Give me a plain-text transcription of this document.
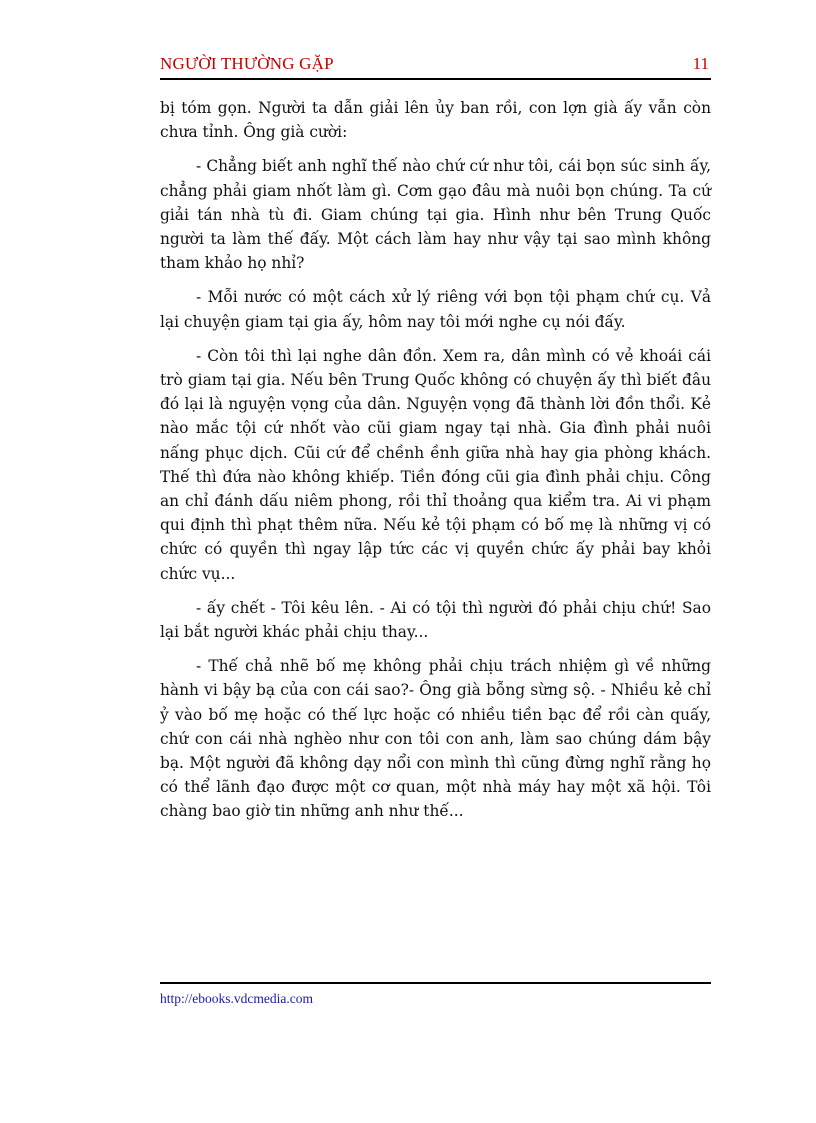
NGƯỜI THƯỜNG GẶP	11

bị tóm gọn. Người ta dẫn giải lên ủy ban rồi, con lợn già ấy vẫn còn chưa tỉnh. Ông già cười:

- Chẳng biết anh nghĩ thế nào chứ cứ như tôi, cái bọn súc sinh ấy, chẳng phải giam nhốt làm gì. Cơm gạo đâu mà nuôi bọn chúng. Ta cứ giải tán nhà tù đi. Giam chúng tại gia. Hình như bên Trung Quốc người ta làm thế đấy. Một cách làm hay như vậy tại sao mình không tham khảo họ nhỉ?

- Mỗi nước có một cách xử lý riêng với bọn tội phạm chứ cụ. Vả lại chuyện giam tại gia ấy, hôm nay tôi mới nghe cụ nói đấy.

- Còn tôi thì lại nghe dân đồn. Xem ra, dân mình có vẻ khoái cái trò giam tại gia. Nếu bên Trung Quốc không có chuyện ấy thì biết đâu đó lại là nguyện vọng của dân. Nguyện vọng đã thành lời đồn thổi. Kẻ nào mắc tội cứ nhốt vào cũi giam ngay tại nhà. Gia đình phải nuôi nấng phục dịch. Cũi cứ để chềnh ềnh giữa nhà hay gia phòng khách. Thế thì đứa nào không khiếp. Tiền đóng cũi gia đình phải chịu. Công an chỉ đánh dấu niêm phong, rồi thỉ thoảng qua kiểm tra. Ai vi phạm qui định thì phạt thêm nữa. Nếu kẻ tội phạm có bố mẹ là những vị có chức có quyền thì ngay lập tức các vị quyền chức ấy phải bay khỏi chức vụ...

- ấy chết - Tôi kêu lên. - Ai có tội thì người đó phải chịu chứ! Sao lại bắt người khác phải chịu thay...

- Thế chả nhẽ bố mẹ không phải chịu trách nhiệm gì về những hành vi bậy bạ của con cái sao?- Ông già bỗng sừng sộ. - Nhiều kẻ chỉ ỷ vào bố mẹ hoặc có thế lực hoặc có nhiều tiền bạc để rồi càn quấy, chứ con cái nhà nghèo như con tôi con anh, làm sao chúng dám bậy bạ. Một người đã không dạy nổi con mình thì cũng đừng nghĩ rằng họ có thể lãnh đạo được một cơ quan, một nhà máy hay một xã hội. Tôi chàng bao giờ tin những anh như thế...

http://ebooks.vdcmedia.com
